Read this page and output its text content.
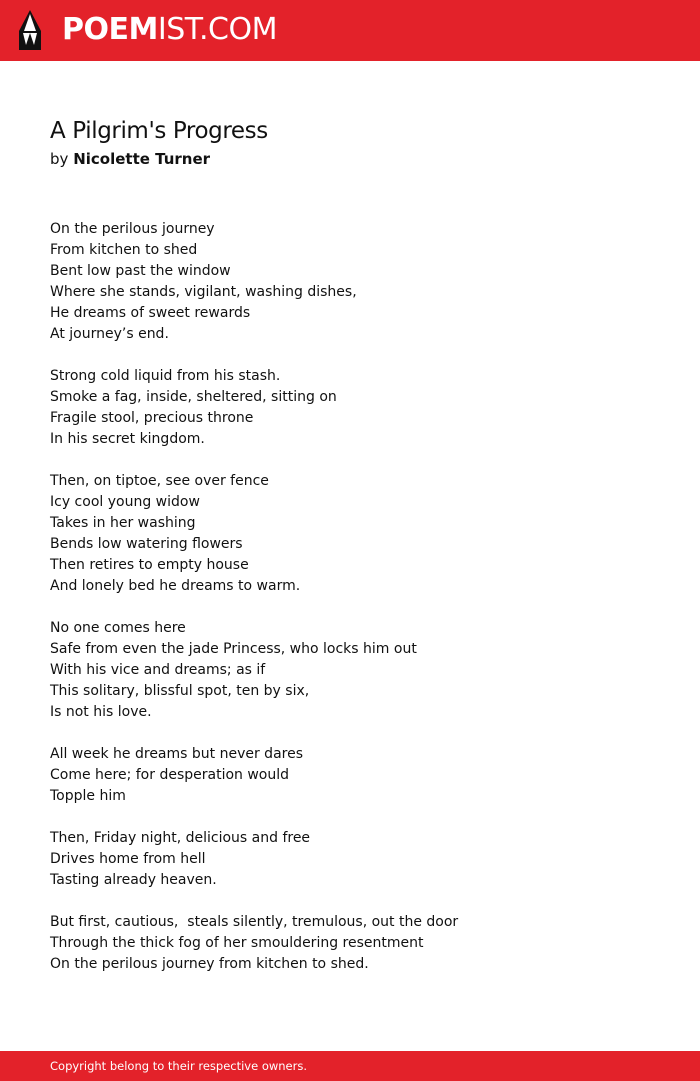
POEMIST.COM
A Pilgrim's Progress
by Nicolette Turner
On the perilous journey
From kitchen to shed
Bent low past the window
Where she stands, vigilant, washing dishes,
He dreams of sweet rewards
At journey’s end.
Strong cold liquid from his stash.
Smoke a fag, inside, sheltered, sitting on
Fragile stool, precious throne
In his secret kingdom.
Then, on tiptoe, see over fence
Icy cool young widow
Takes in her washing
Bends low watering flowers
Then retires to empty house
And lonely bed he dreams to warm.
No one comes here
Safe from even the jade Princess, who locks him out
With his vice and dreams; as if
This solitary, blissful spot, ten by six,
Is not his love.
All week he dreams but never dares
Come here; for desperation would
Topple him
Then, Friday night, delicious and free
Drives home from hell
Tasting already heaven.
But first, cautious,  steals silently, tremulous, out the door
Through the thick fog of her smouldering resentment
On the perilous journey from kitchen to shed.
Copyright belong to their respective owners.
